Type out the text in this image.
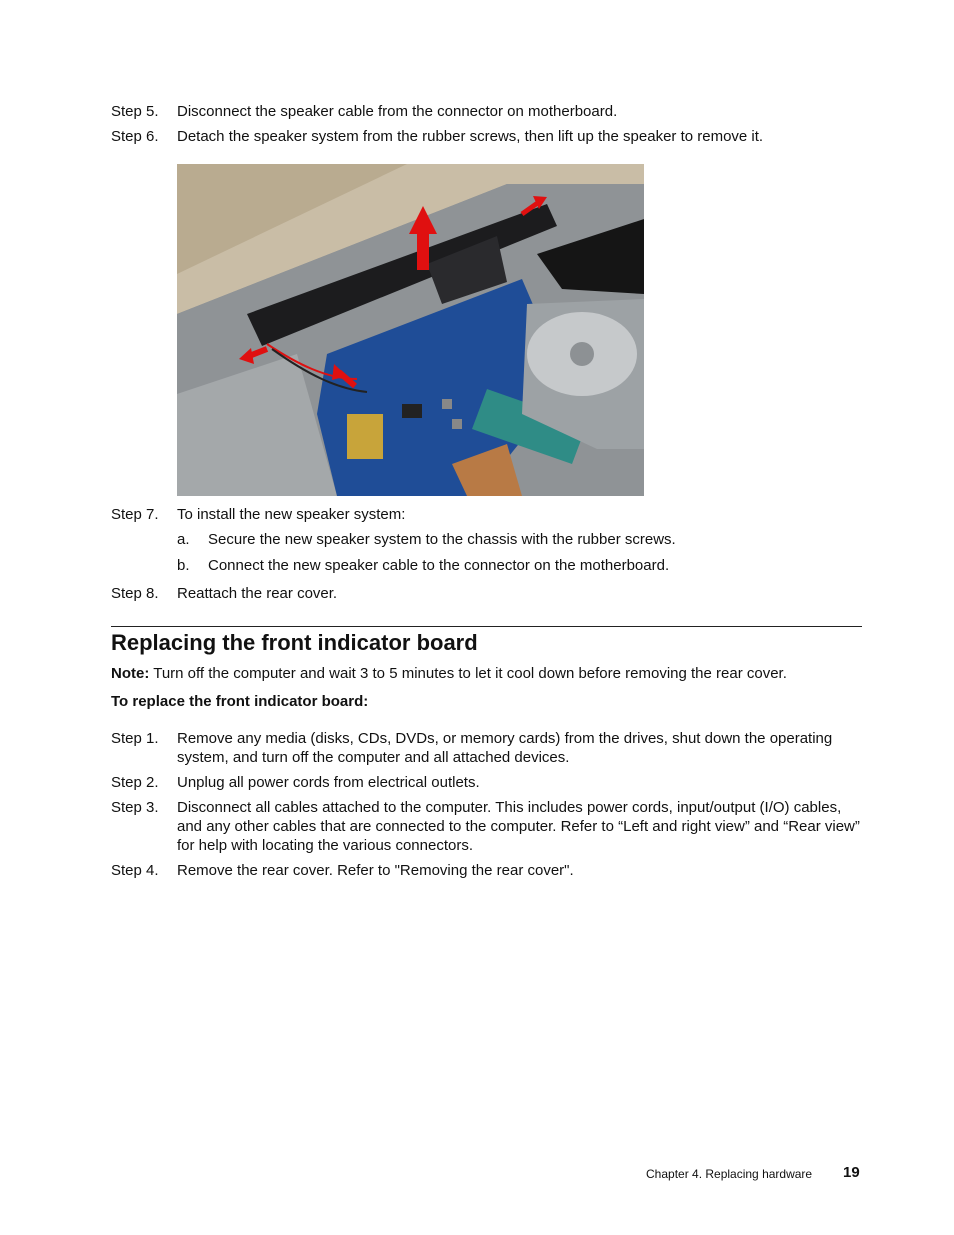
Step 5. Disconnect the speaker cable from the connector on motherboard.
Step 6. Detach the speaker system from the rubber screws, then lift up the speaker to remove it.
Step 7. To install the new speaker system:
a. Secure the new speaker system to the chassis with the rubber screws.
b. Connect the new speaker cable to the connector on the motherboard.
Step 8. Reattach the rear cover.
Replacing the front indicator board
Note: Turn off the computer and wait 3 to 5 minutes to let it cool down before removing the rear cover.
To replace the front indicator board:
Step 1. Remove any media (disks, CDs, DVDs, or memory cards) from the drives, shut down the operating system, and turn off the computer and all attached devices.
Step 2. Unplug all power cords from electrical outlets.
Step 3. Disconnect all cables attached to the computer. This includes power cords, input/output (I/O) cables, and any other cables that are connected to the computer. Refer to “Left and right view” and “Rear view” for help with locating the various connectors.
Step 4. Remove the rear cover. Refer to "Removing the rear cover".
Chapter 4. Replacing hardware 19
